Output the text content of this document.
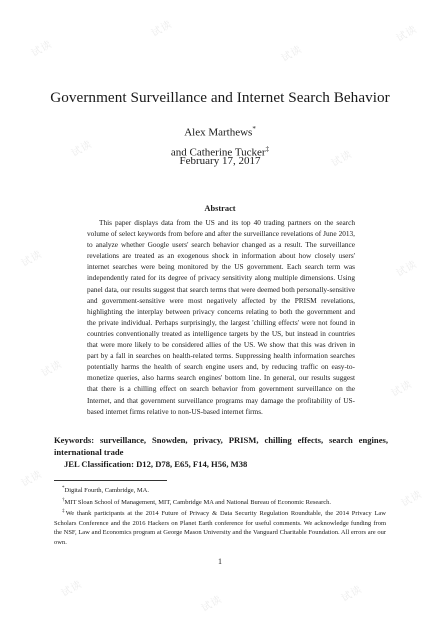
试读
试读
试读
试读
试读	试读
试读	试读
试读
试读
试读
试读
试读
试读	试读
Government Surveillance and Internet Search Behavior
Alex Marthews*
and Catherine Tucker‡
February 17, 2017
Abstract
This paper displays data from the US and its top 40 trading partners on the search volume of select keywords from before and after the surveillance revelations of June 2013, to analyze whether Google users' search behavior changed as a result. The surveillance revelations are treated as an exogenous shock in information about how closely users' internet searches were being monitored by the US government. Each search term was independently rated for its degree of privacy sensitivity along multiple dimensions. Using panel data, our results suggest that search terms that were deemed both personally-sensitive and government-sensitive were most negatively affected by the PRISM revelations, highlighting the interplay between privacy concerns relating to both the government and the private individual. Perhaps surprisingly, the largest 'chilling effects' were not found in countries conventionally treated as intelligence targets by the US, but instead in countries that were more likely to be considered allies of the US. We show that this was driven in part by a fall in searches on health-related terms. Suppressing health information searches potentially harms the health of search engine users and, by reducing traffic on easy-to-monetize queries, also harms search engines' bottom line. In general, our results suggest that there is a chilling effect on search behavior from government surveillance on the Internet, and that government surveillance programs may damage the profitability of US-based internet firms relative to non-US-based internet firms.
Keywords: surveillance, Snowden, privacy, PRISM, chilling effects, search engines, international trade
JEL Classification: D12, D78, E65, F14, H56, M38

*Digital Fourth, Cambridge, MA.

†MIT Sloan School of Management, MIT, Cambridge MA and National Bureau of Economic Research.

‡We thank participants at the 2014 Future of Privacy & Data Security Regulation Roundtable, the 2014 Privacy Law Scholars Conference and the 2016 Hackers on Planet Earth conference for useful comments. We acknowledge funding from the NSF, Law and Economics program at George Mason University and the Vanguard Charitable Foundation. All errors are our own.

1
